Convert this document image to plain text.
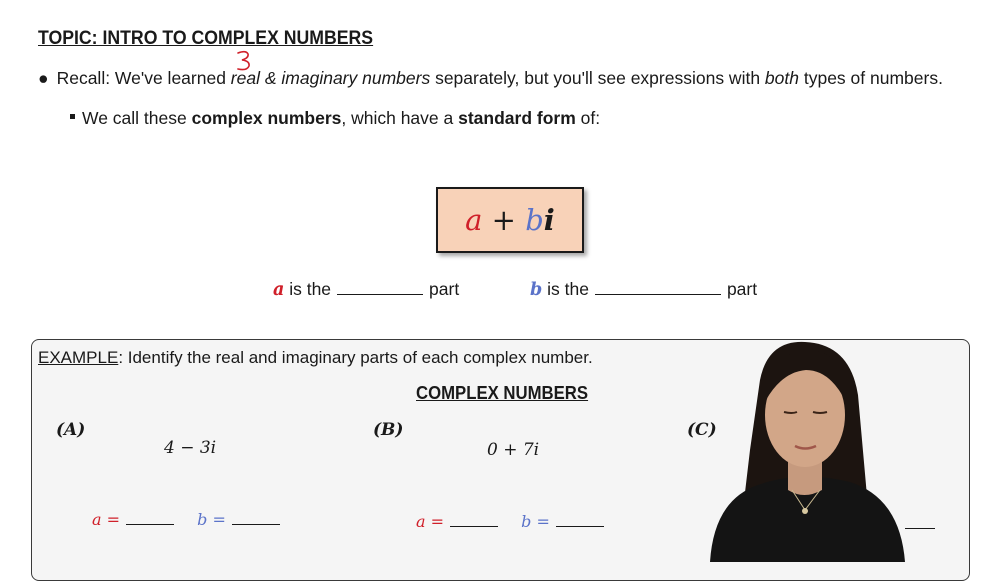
TOPIC: INTRO TO COMPLEX NUMBERS
● Recall: We've learned real & imaginary numbers separately, but you'll see expressions with both types of numbers.
We call these complex numbers, which have a standard form of:
a + b i
a is the	part	b is the	part
EXAMPLE: Identify the real and imaginary parts of each complex number.
COMPLEX NUMBERS
(A)
4 − 3i
a =	b =
(B)
0 + 7i
a =	b =
(C)
